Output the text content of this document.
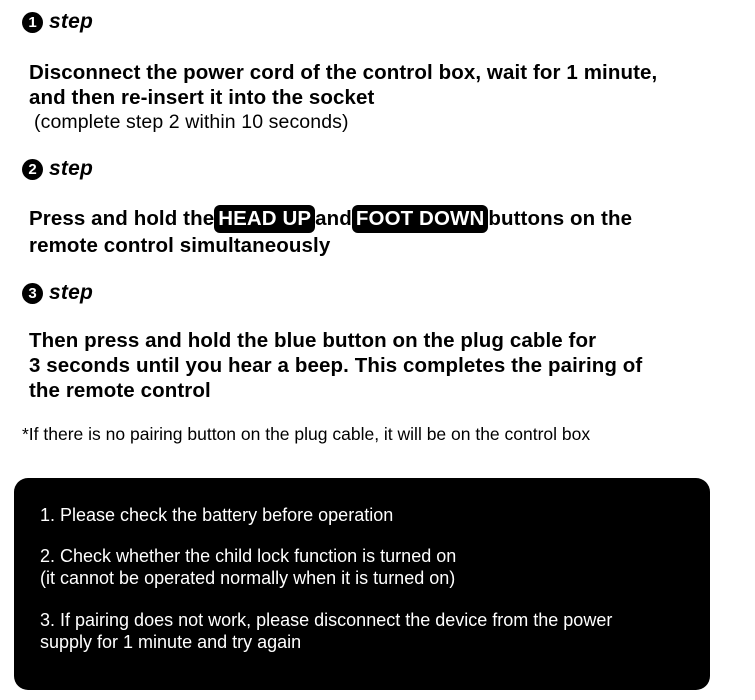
1 step
Disconnect the power cord of the control box, wait for 1 minute,
and then re-insert it into the socket
(complete step 2 within 10 seconds)
2 step
Press and hold the HEAD UP and FOOT DOWN buttons on the
remote control simultaneously
3 step
Then press and hold the blue button on the plug cable for
3 seconds until you hear a beep. This completes the pairing of
the remote control
*If there is no pairing button on the plug cable, it will be on the control box
1. Please check the battery before operation
2. Check whether the child lock function is turned on
(it cannot be operated normally when it is turned on)
3. If pairing does not work, please disconnect the device from the power
supply for 1 minute and try again
